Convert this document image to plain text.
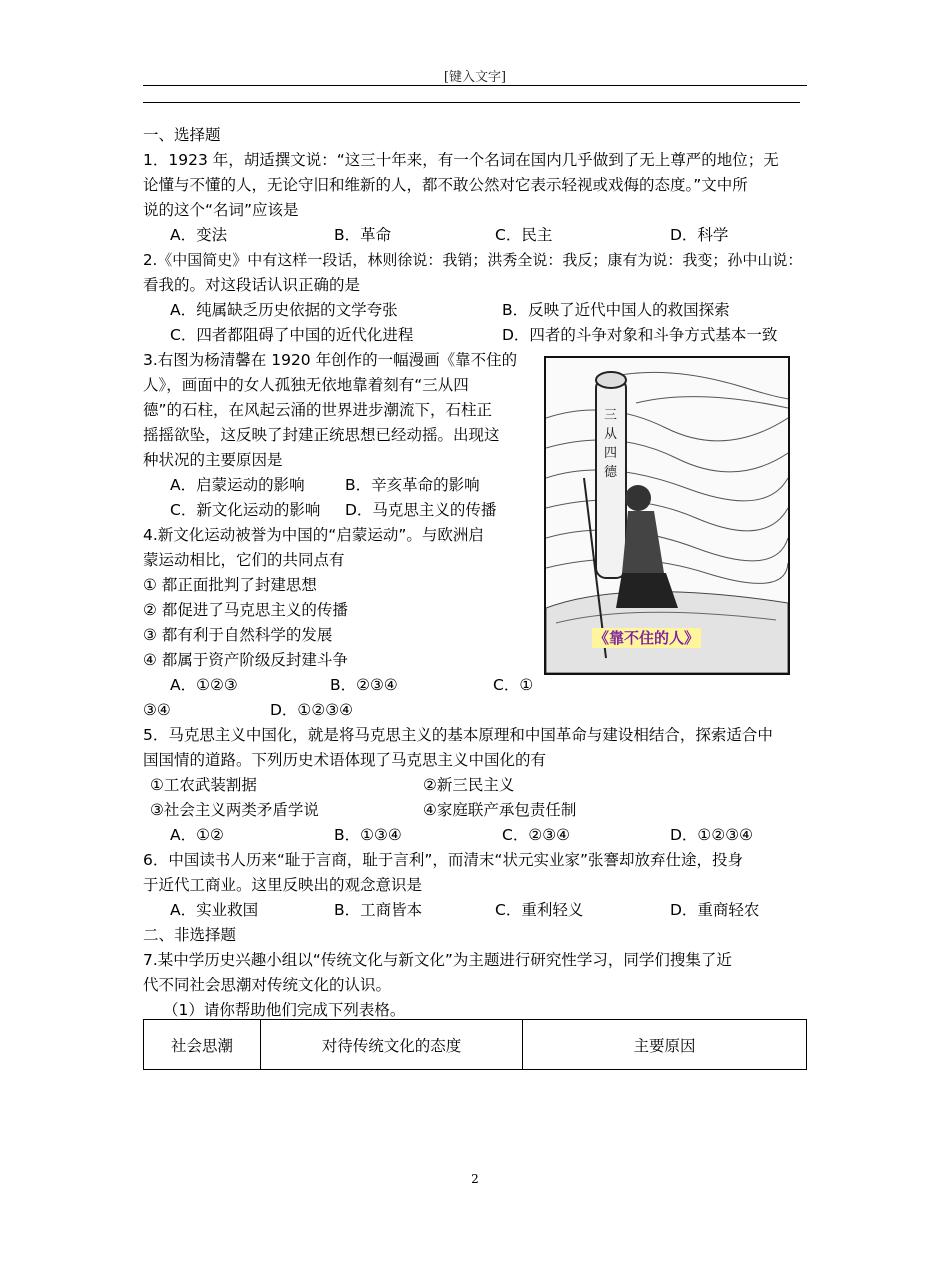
[键入文字]
一、选择题
1．1923 年，胡适撰文说：“这三十年来，有一个名词在国内几乎做到了无上尊严的地位；无
论懂与不懂的人，无论守旧和维新的人，都不敢公然对它表示轻视或戏侮的态度。”文中所
说的这个“名词”应该是
A．变法	B．革命	C．民主	D．科学
2.《中国简史》中有这样一段话，林则徐说：我销；洪秀全说：我反；康有为说：我变；孙中山说：
看我的。对这段话认识正确的是
A．纯属缺乏历史依据的文学夸张	B．反映了近代中国人的救国探索
C．四者都阻碍了中国的近代化进程	D．四者的斗争对象和斗争方式基本一致
3.右图为杨清馨在 1920 年创作的一幅漫画《靠不住的
人》，画面中的女人孤独无依地靠着刻有“三从四
德”的石柱，在风起云涌的世界进步潮流下，石柱正
摇摇欲坠，这反映了封建正统思想已经动摇。出现这
种状况的主要原因是
A．启蒙运动的影响	B．辛亥革命的影响
C．新文化运动的影响 D．马克思主义的传播
三从四德
《靠不住的人》
4.新文化运动被誉为中国的“启蒙运动”。与欧洲启
蒙运动相比，它们的共同点有
① 都正面批判了封建思想
② 都促进了马克思主义的传播
③ 都有利于自然科学的发展
④ 都属于资产阶级反封建斗争
A．①②③	B．②③④	C．①
③④	D．①②③④
5．马克思主义中国化，就是将马克思主义的基本原理和中国革命与建设相结合，探索适合中
国国情的道路。下列历史术语体现了马克思主义中国化的有
①工农武装割据	②新三民主义
③社会主义两类矛盾学说	④家庭联产承包责任制
A．①②	B．①③④	C．②③④	D．①②③④
6．中国读书人历来“耻于言商，耻于言利”，而清末“状元实业家”张謇却放弃仕途，投身
于近代工商业。这里反映出的观念意识是
A．实业救国	B．工商皆本	C．重利轻义	D．重商轻农
二、非选择题
7.某中学历史兴趣小组以“传统文化与新文化”为主题进行研究性学习，同学们搜集了近
代不同社会思潮对传统文化的认识。
（1）请你帮助他们完成下列表格。
社会思潮	对待传统文化的态度	主要原因
2
